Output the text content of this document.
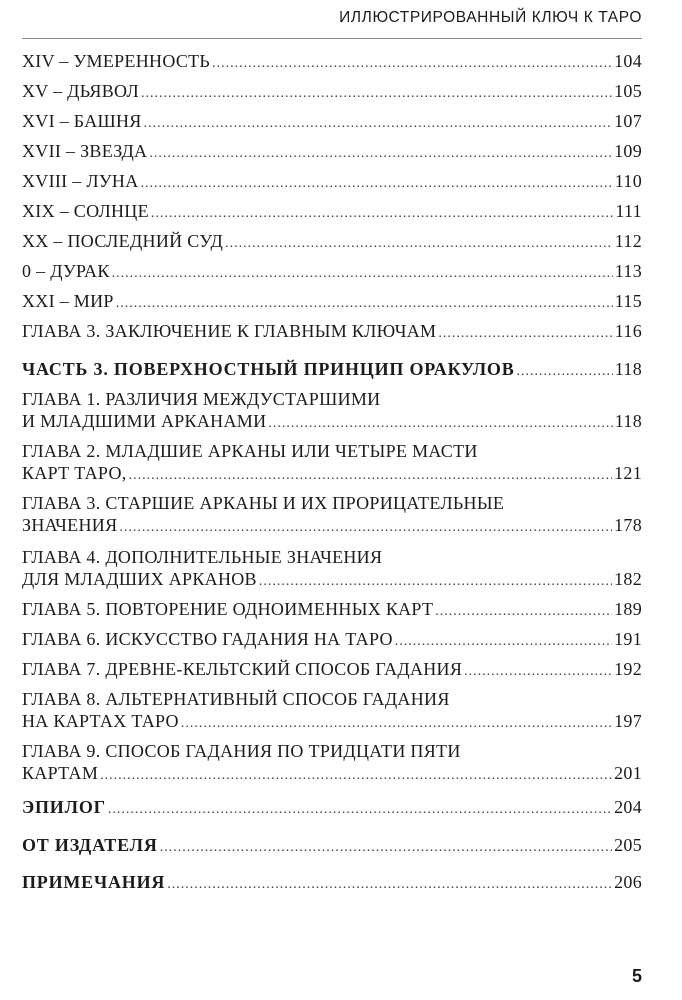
ИЛЛЮСТРИРОВАННЫЙ КЛЮЧ К ТАРО
XIV – УМЕРЕННОСТЬ .....	104
XV – ДЬЯВОЛ .....	105
XVI – БАШНЯ .....	107
XVII – ЗВЕЗДА .....	109
XVIII – ЛУНА .....	110
XIX – СОЛНЦЕ .....	111
XX – ПОСЛЕДНИЙ СУД .....	112
0 – ДУРАК .....	113
XXI – МИР .....	115
ГЛАВА 3. ЗАКЛЮЧЕНИЕ К ГЛАВНЫМ КЛЮЧАМ .....	116
ЧАСТЬ 3. ПОВЕРХНОСТНЫЙ ПРИНЦИП ОРАКУЛОВ .....	118
ГЛАВА 1. РАЗЛИЧИЯ МЕЖДУСТАРШИМИ
И МЛАДШИМИ АРКАНАМИ .....	118
ГЛАВА 2. МЛАДШИЕ АРКАНЫ ИЛИ ЧЕТЫРЕ МАСТИ
КАРТ ТАРО, .....	121
ГЛАВА 3. СТАРШИЕ АРКАНЫ И ИХ ПРОРИЦАТЕЛЬНЫЕ
ЗНАЧЕНИЯ .....	178
ГЛАВА 4. ДОПОЛНИТЕЛЬНЫЕ ЗНАЧЕНИЯ
ДЛЯ МЛАДШИХ АРКАНОВ .....	182
ГЛАВА 5. ПОВТОРЕНИЕ ОДНОИМЕННЫХ КАРТ .....	189
ГЛАВА 6. ИСКУССТВО ГАДАНИЯ НА ТАРО .....	191
ГЛАВА 7. ДРЕВНЕ-КЕЛЬТСКИЙ СПОСОБ ГАДАНИЯ .....	192
ГЛАВА 8. АЛЬТЕРНАТИВНЫЙ СПОСОБ ГАДАНИЯ
НА КАРТАХ ТАРО .....	197
ГЛАВА 9. СПОСОБ ГАДАНИЯ ПО ТРИДЦАТИ ПЯТИ
КАРТАМ .....	201
ЭПИЛОГ .....	204
ОТ ИЗДАТЕЛЯ .....	205
ПРИМЕЧАНИЯ .....	206
5
